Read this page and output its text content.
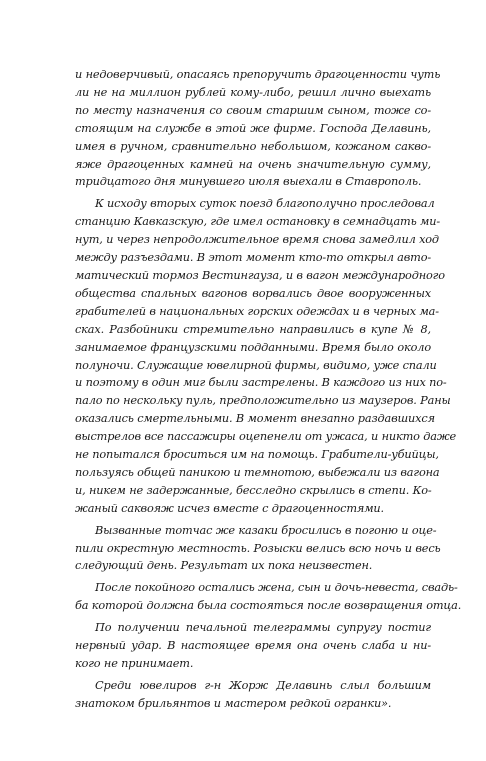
и недоверчивый, опасаясь препоручить драгоценности чуть
ли не на миллион рублей кому-либо, решил лично выехать
по месту назначения со своим старшим сыном, тоже со-
стоящим на службе в этой же фирме. Господа Делавинь,
имея в ручном, сравнительно небольшом, кожаном саквo-
яже драгоценных камней на очень значительную сумму,
тридцатого дня минувшего июля выехали в Ставрополь.

К исходу вторых суток поезд благополучно проследовал
станцию Кавказскую, где имел остановку в семнадцать ми-
нут, и через непродолжительное время снова замедлил ход
между разъездами. В этот момент кто-то открыл авто-
матический тормоз Вестингауза, и в вагон международного
общества спальных вагонов ворвались двое вооруженных
грабителей в национальных горских одеждах и в черных ма-
сках. Разбойники стремительно направились в купе № 8,
занимаемое французскими подданными. Время было около
полуночи. Служащие ювелирной фирмы, видимо, уже спали
и поэтому в один миг были застрелены. В каждого из них по-
пало по нескольку пуль, предположительно из маузеров. Раны
оказались смертельными. В момент внезапно раздавшихся
выстрелов все пассажиры оцепенели от ужаса, и никто даже
не попытался броситься им на помощь. Грабители-убийцы,
пользуясь общей паникою и темнотою, выбежали из вагона
и, никем не задержанные, бесследно скрылись в степи. Ко-
жаный саквояж исчез вместе с драгоценностями.

Вызванные тотчас же казаки бросились в погоню и оце-
пили окрестную местность. Розыски велись всю ночь и весь
следующий день. Результат их пока неизвестен.

После покойного остались жена, сын и дочь-невеста, свадь-
ба которой должна была состояться после возвращения отца.

По получении печальной телеграммы супругу постиг
нервный удар. В настоящее время она очень слаба и ни-
кого не принимает.

Среди ювелиров г-н Жорж Делавинь слыл большим
знатоком брильянтов и мастером редкой огранки».
